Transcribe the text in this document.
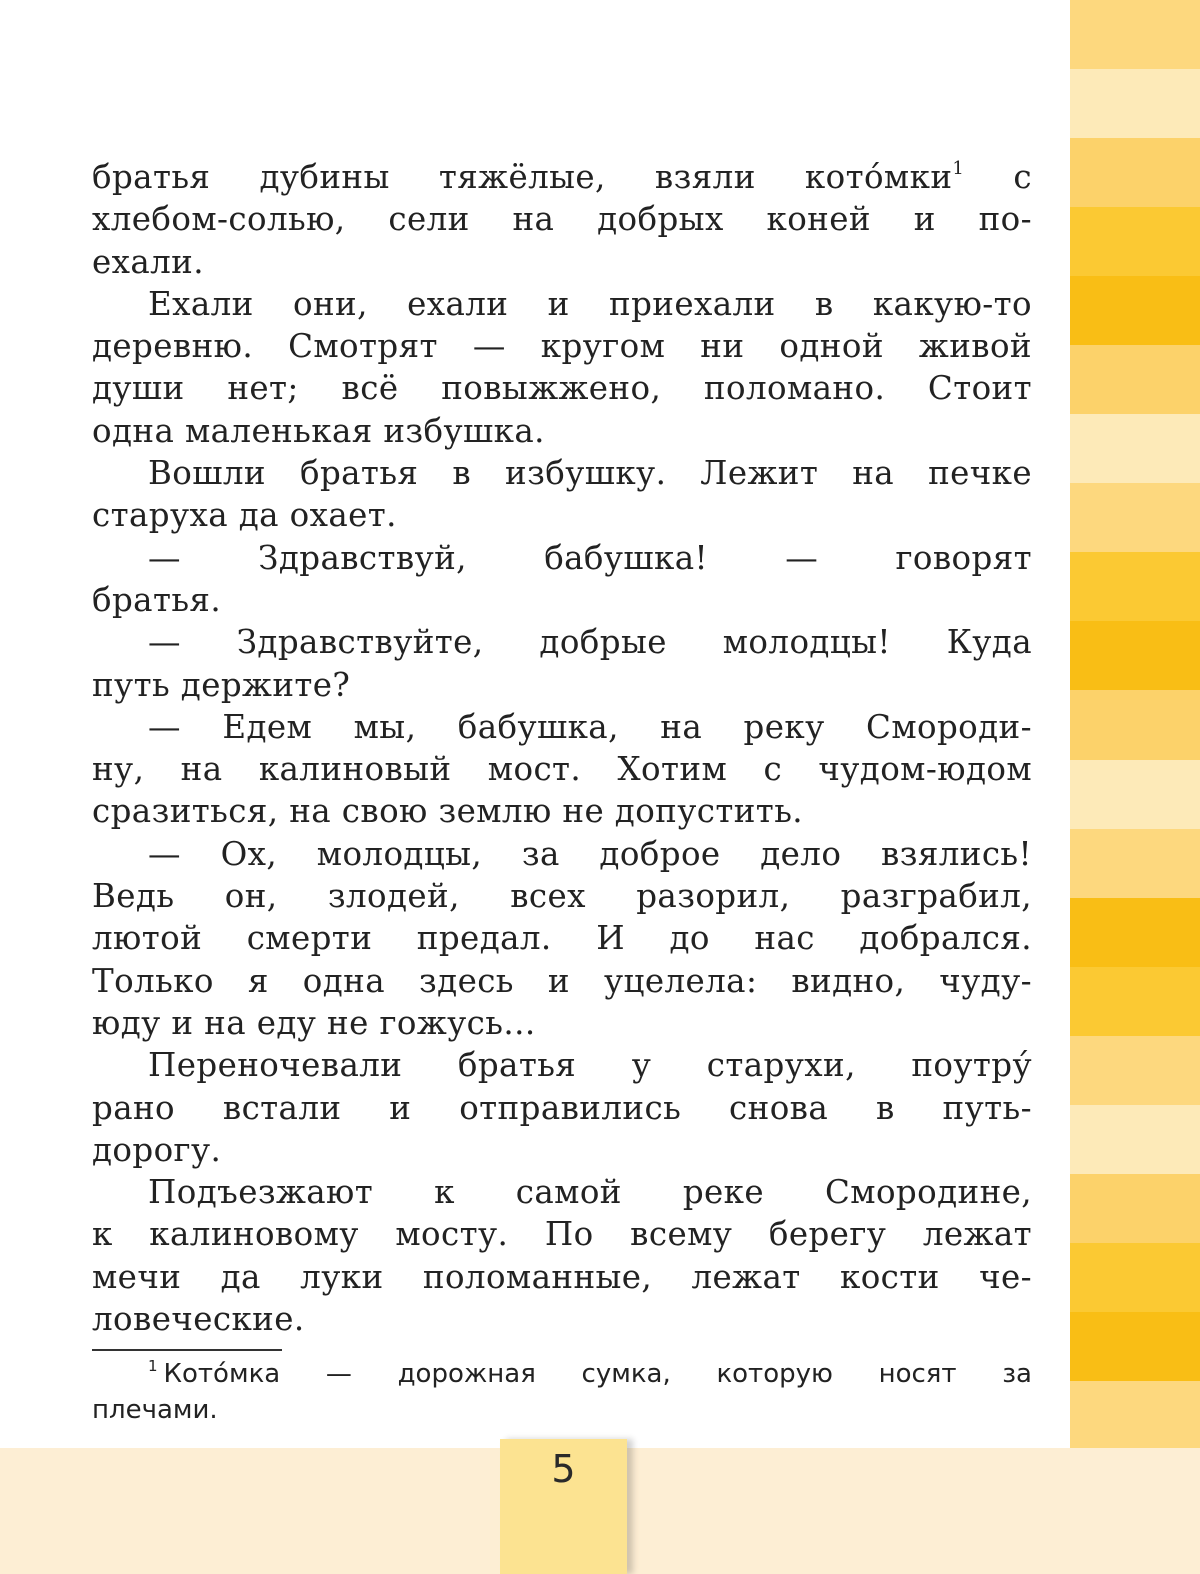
братья дубины тяжёлые, взяли кото́мки$^1$ с
хлебом-солью, сели на добрых коней и по-
ехали.
Ехали они, ехали и приехали в какую-то
деревню. Смотрят — кругом ни одной живой
души нет; всё повыжжено, поломано. Стоит
одна маленькая избушка.
Вошли братья в избушку. Лежит на печке
старуха да охает.
— Здравствуй, бабушка! — говорят
братья.
— Здравствуйте, добрые молодцы! Куда
путь держите?
— Едем мы, бабушка, на реку Смороди-
ну, на калиновый мост. Хотим с чудом-юдом
сразиться, на свою землю не допустить.
— Ох, молодцы, за доброе дело взялись!
Ведь он, злодей, всех разорил, разграбил,
лютой смерти предал. И до нас добрался.
Только я одна здесь и уцелела: видно, чуду-
юду и на еду не гожусь...
Переночевали братья у старухи, поутру́
рано встали и отправились снова в путь-
дорогу.
Подъезжают к самой реке Смородине,
к калиновому мосту. По всему берегу лежат
мечи да луки поломанные, лежат кости че-
ловеческие.
$^1$ Кото́мка — дорожная сумка, которую носят за
плечами.
5
